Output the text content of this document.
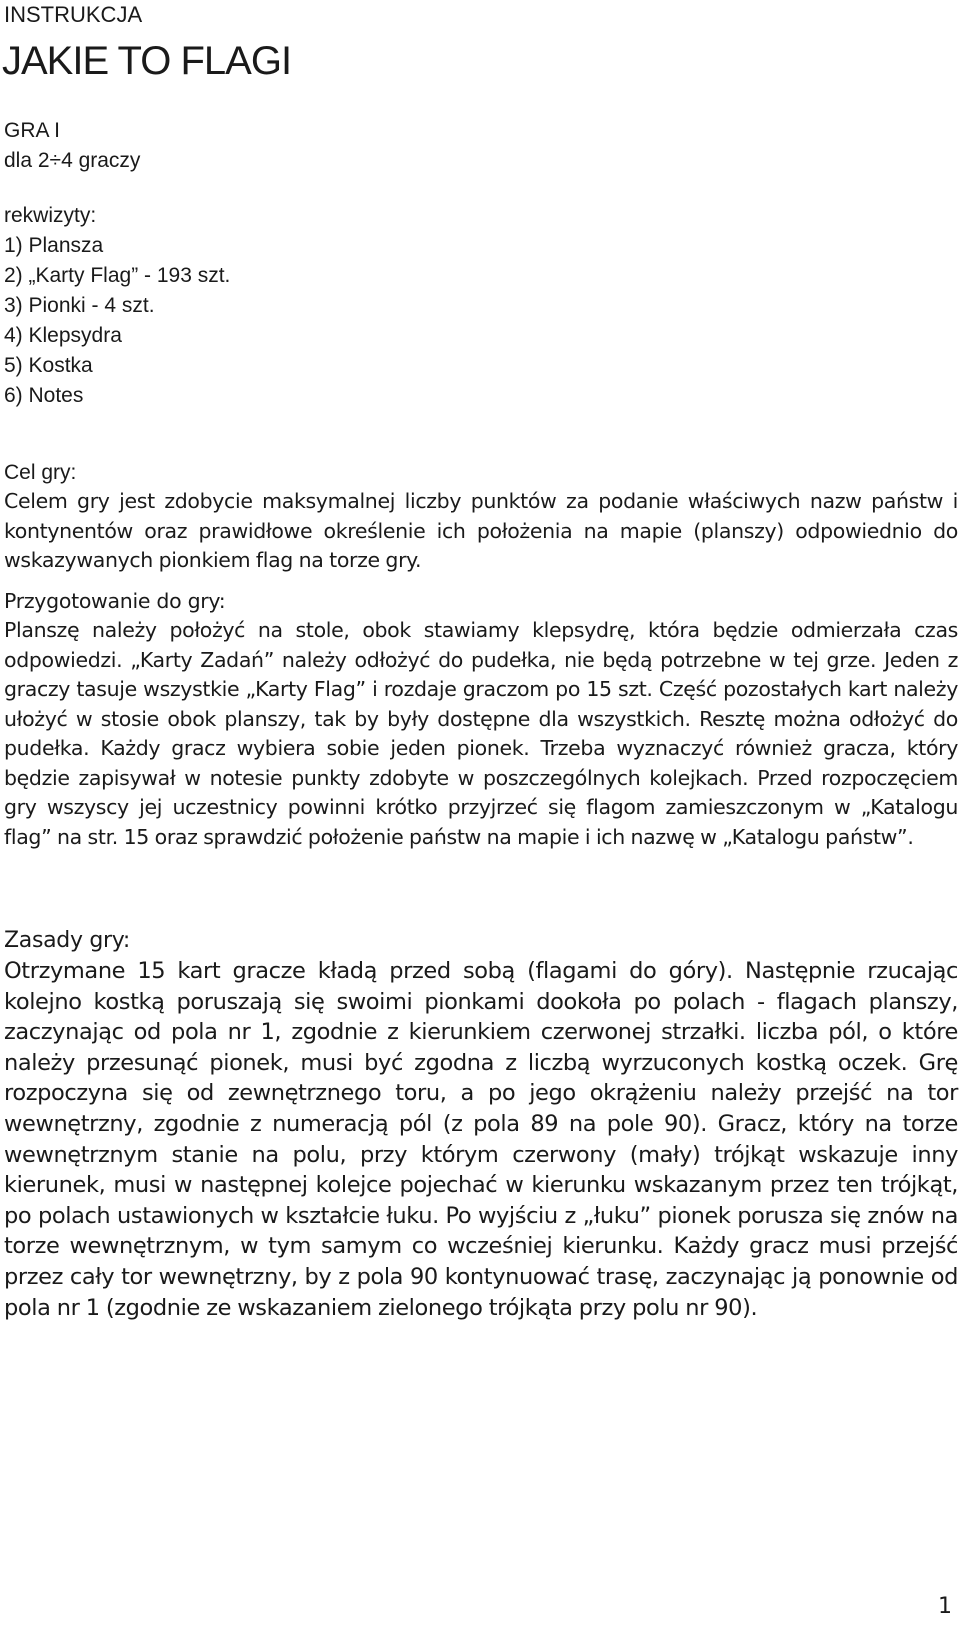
INSTRUKCJA
JAKIE TO FLAGI
GRA I
dla 2÷4 graczy
rekwizyty:
1) Plansza
2) „Karty Flag” - 193 szt.
3) Pionki - 4 szt.
4) Klepsydra
5) Kostka
6) Notes
Cel gry:
Celem gry jest zdobycie maksymalnej liczby punktów za podanie właściwych nazw państw i kontynentów oraz prawidłowe określenie ich położenia na mapie (planszy) odpowiednio do wskazywanych pionkiem flag na torze gry.
Przygotowanie do gry:
Planszę należy położyć na stole, obok stawiamy klepsydrę, która będzie odmierzała czas odpowiedzi. „Karty Zadań” należy odłożyć do pudełka, nie będą potrzebne w tej grze. Jeden z graczy tasuje wszystkie „Karty Flag” i rozdaje graczom po 15 szt. Część pozostałych kart należy ułożyć w stosie obok planszy, tak by były dostępne dla wszystkich. Resztę można odłożyć do pudełka. Każdy gracz wybiera sobie jeden pionek. Trzeba wyznaczyć również gracza, który będzie zapisywał w notesie punkty zdobyte w poszczególnych kolejkach. Przed rozpoczęciem gry wszyscy jej uczestnicy powinni krótko przyjrzeć się flagom zamieszczonym w „Katalogu flag” na str. 15 oraz sprawdzić położenie państw na mapie i ich nazwę w „Katalogu państw”.
Zasady gry:
Otrzymane 15 kart gracze kładą przed sobą (flagami do góry). Następnie rzucając kolejno kostką poruszają się swoimi pionkami dookoła po polach - flagach planszy, zaczynając od pola nr 1, zgodnie z kierunkiem czerwonej strzałki. liczba pól, o które należy przesunąć pionek, musi być zgodna z liczbą wyrzuconych kostką oczek. Grę rozpoczyna się od zewnętrznego toru, a po jego okrążeniu należy przejść na tor wewnętrzny, zgodnie z numeracją pól (z pola 89 na pole 90). Gracz, który na torze wewnętrznym stanie na polu, przy którym czerwony (mały) trójkąt wskazuje inny kierunek, musi w następnej kolejce pojechać w kierunku wskazanym przez ten trójkąt, po polach ustawionych w kształcie łuku. Po wyjściu z „łuku” pionek porusza się znów na torze wewnętrznym, w tym samym co wcześniej kierunku. Każdy gracz musi przejść przez cały tor wewnętrzny, by z pola 90 kontynuować trasę, zaczynając ją ponownie od pola nr 1 (zgodnie ze wskazaniem zielonego trójkąta przy polu nr 90).
1
